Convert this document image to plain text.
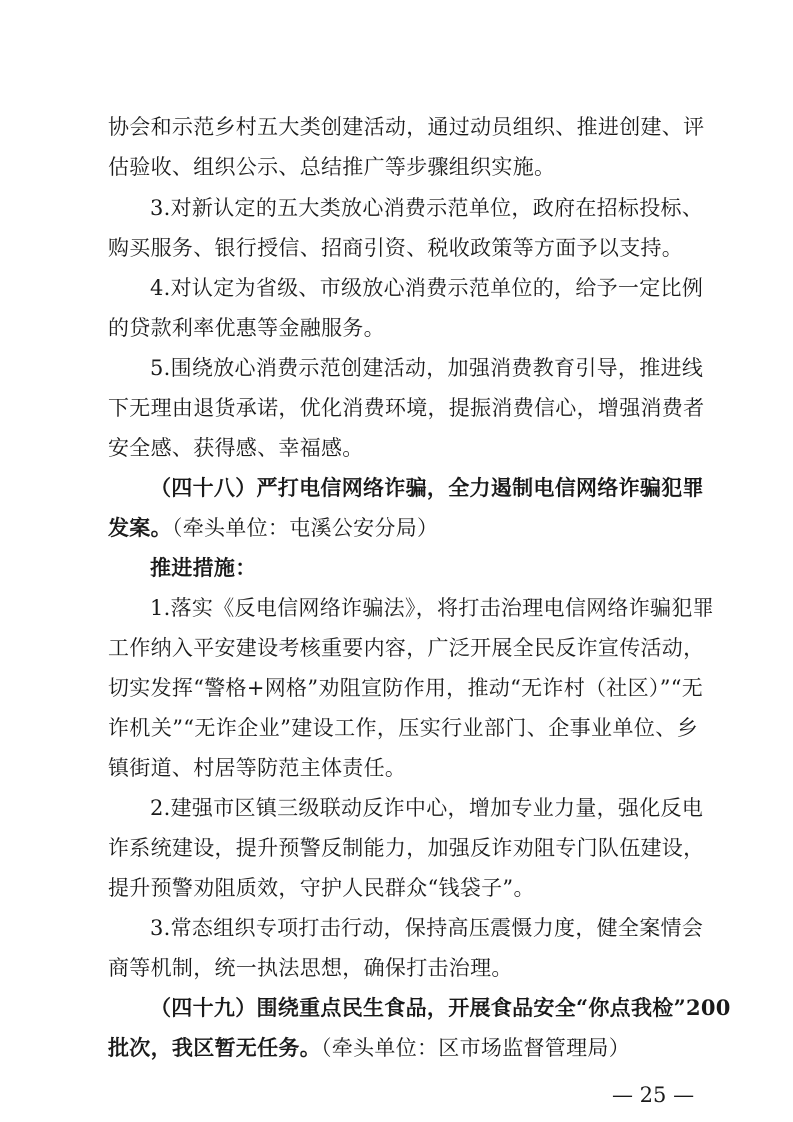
协会和示范乡村五大类创建活动，通过动员组织、推进创建、评
估验收、组织公示、总结推广等步骤组织实施。
3.对新认定的五大类放心消费示范单位，政府在招标投标、
购买服务、银行授信、招商引资、税收政策等方面予以支持。
4.对认定为省级、市级放心消费示范单位的，给予一定比例
的贷款利率优惠等金融服务。
5.围绕放心消费示范创建活动，加强消费教育引导，推进线
下无理由退货承诺，优化消费环境，提振消费信心，增强消费者
安全感、获得感、幸福感。
（四十八）严打电信网络诈骗，全力遏制电信网络诈骗犯罪
发案。（牵头单位：屯溪公安分局）
推进措施：
1.落实《反电信网络诈骗法》，将打击治理电信网络诈骗犯罪
工作纳入平安建设考核重要内容，广泛开展全民反诈宣传活动，
切实发挥“警格+网格”劝阻宣防作用，推动“无诈村（社区）”“无
诈机关”“无诈企业”建设工作，压实行业部门、企事业单位、乡
镇街道、村居等防范主体责任。
2.建强市区镇三级联动反诈中心，增加专业力量，强化反电
诈系统建设，提升预警反制能力，加强反诈劝阻专门队伍建设，
提升预警劝阻质效，守护人民群众“钱袋子”。
3.常态组织专项打击行动，保持高压震慑力度，健全案情会
商等机制，统一执法思想，确保打击治理。
（四十九）围绕重点民生食品，开展食品安全“你点我检”200
批次，我区暂无任务。（牵头单位：区市场监督管理局）
— 25 —
